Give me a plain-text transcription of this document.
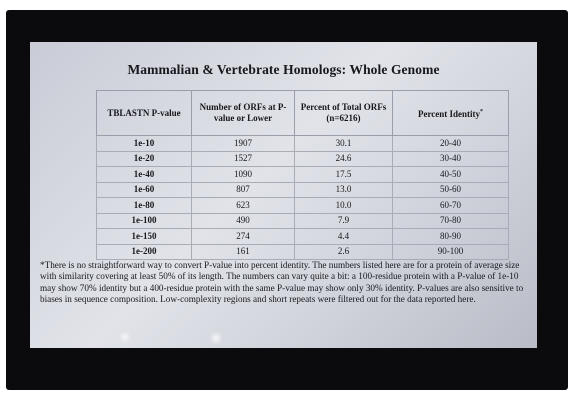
Mammalian & Vertebrate Homologs: Whole Genome
TBLASTN P-value	Number of ORFs at P-value or Lower	Percent of Total ORFs (n=6216)	Percent Identity*
1e-10	1907	30.1	20-40
1e-20	1527	24.6	30-40
1e-40	1090	17.5	40-50
1e-60	807	13.0	50-60
1e-80	623	10.0	60-70
1e-100	490	7.9	70-80
1e-150	274	4.4	80-90
1e-200	161	2.6	90-100
*There is no straightforward way to convert P-value into percent identity. The numbers listed here are for a protein of average size with similarity covering at least 50% of its length. The numbers can vary quite a bit: a 100-residue protein with a P-value of 1e-10 may show 70% identity but a 400-residue protein with the same P-value may show only 30% identity. P-values are also sensitive to biases in sequence composition. Low-complexity regions and short repeats were filtered out for the data reported here.
